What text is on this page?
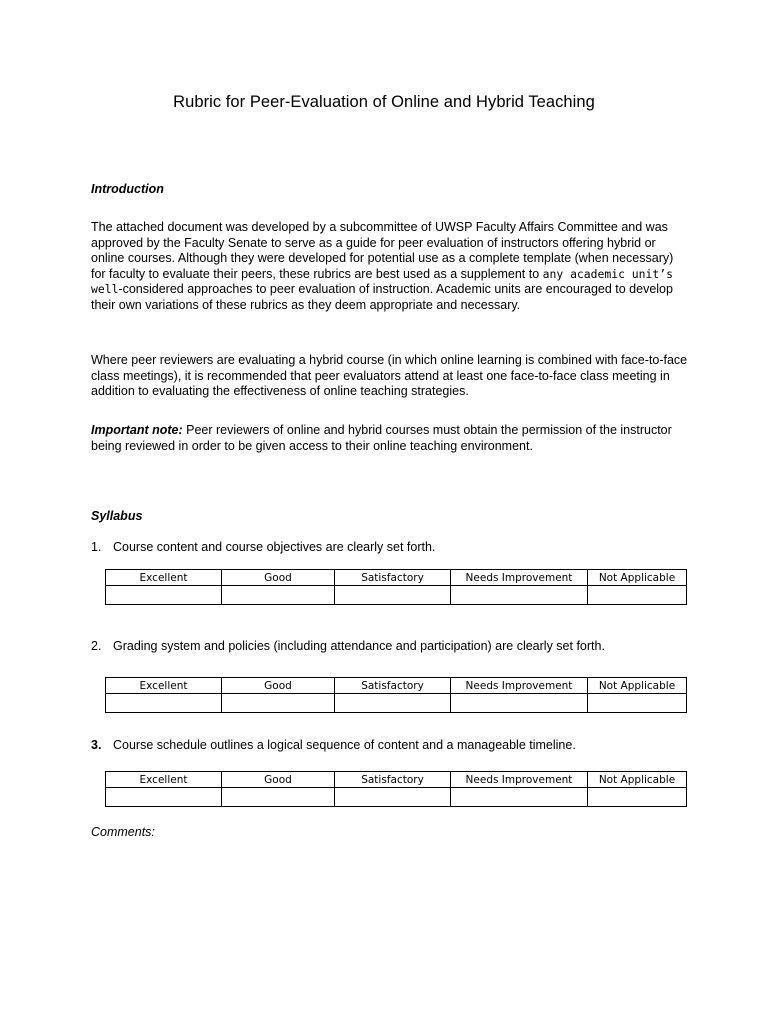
Rubric for Peer-Evaluation of Online and Hybrid Teaching
Introduction

The attached document was developed by a subcommittee of UWSP Faculty Affairs Committee and was approved by the Faculty Senate to serve as a guide for peer evaluation of instructors offering hybrid or online courses. Although they were developed for potential use as a complete template (when necessary) for faculty to evaluate their peers, these rubrics are best used as a supplement to any academic unit’s well-considered approaches to peer evaluation of instruction. Academic units are encouraged to develop their own variations of these rubrics as they deem appropriate and necessary.

Where peer reviewers are evaluating a hybrid course (in which online learning is combined with face-to-face class meetings), it is recommended that peer evaluators attend at least one face-to-face class meeting in addition to evaluating the effectiveness of online teaching strategies.

Important note: Peer reviewers of online and hybrid courses must obtain the permission of the instructor being reviewed in order to be given access to their online teaching environment.

Syllabus

1. Course content and course objectives are clearly set forth.

Excellent	Good	Satisfactory	Needs Improvement	Not Applicable

2. Grading system and policies (including attendance and participation) are clearly set forth.

Excellent	Good	Satisfactory	Needs Improvement	Not Applicable

3. Course schedule outlines a logical sequence of content and a manageable timeline.

Excellent	Good	Satisfactory	Needs Improvement	Not Applicable

Comments:
